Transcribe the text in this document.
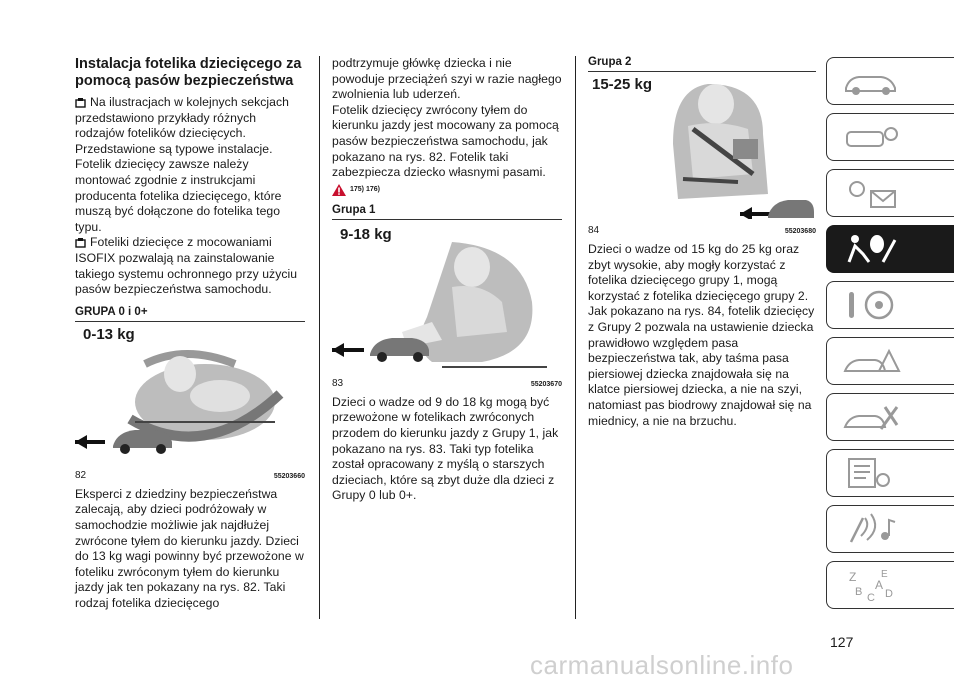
Instalacja fotelika dziecięcego za
pomocą pasów bezpieczeństwa

Na ilustracjach w kolejnych sekcjach przedstawiono przykłady różnych rodzajów fotelików dziecięcych. Przedstawione są typowe instalacje. Fotelik dziecięcy zawsze należy montować zgodnie z instrukcjami producenta fotelika dziecięcego, które muszą być dołączone do fotelika tego typu.

Foteliki dziecięce z mocowaniami ISOFIX pozwalają na zainstalowanie takiego systemu ochronnego przy użyciu pasów bezpieczeństwa samochodu.

GRUPA 0 i 0+
0-13 kg
82	55203660

Eksperci z dziedziny bezpieczeństwa zalecają, aby dzieci podróżowały w samochodzie możliwie jak najdłużej zwrócone tyłem do kierunku jazdy. Dzieci do 13 kg wagi powinny być przewożone w foteliku zwróconym tyłem do kierunku jazdy jak ten pokazany na rys. 82. Taki rodzaj fotelika dziecięcego

podtrzymuje główkę dziecka i nie powoduje przeciążeń szyi w razie nagłego zwolnienia lub uderzeń.

Fotelik dziecięcy zwrócony tyłem do kierunku jazdy jest mocowany za pomocą pasów bezpieczeństwa samochodu, jak pokazano na rys. 82. Fotelik taki zabezpiecza dziecko własnymi pasami.

175) 176)
Grupa 1
9-18 kg
83	55203670

Dzieci o wadze od 9 do 18 kg mogą być przewożone w fotelikach zwróconych przodem do kierunku jazdy z Grupy 1, jak pokazano na rys. 83. Taki typ fotelika został opracowany z myślą o starszych dzieciach, które są zbyt duże dla dzieci z Grupy 0 lub 0+.

Grupa 2
15-25 kg
84	55203680

Dzieci o wadze od 15 kg do 25 kg oraz zbyt wysokie, aby mogły korzystać z fotelika dziecięcego grupy 1, mogą korzystać z fotelika dziecięcego grupy 2.

Jak pokazano na rys. 84, fotelik dziecięcy z Grupy 2 pozwala na ustawienie dziecka prawidłowo względem pasa bezpieczeństwa tak, aby taśma pasa piersiowej dziecka znajdowała się na klatce piersiowej dziecka, a nie na szyi, natomiast pas biodrowy znajdował się na miednicy, a nie na brzuchu.

Z E
B C D
A
127
carmanualsonline.info
